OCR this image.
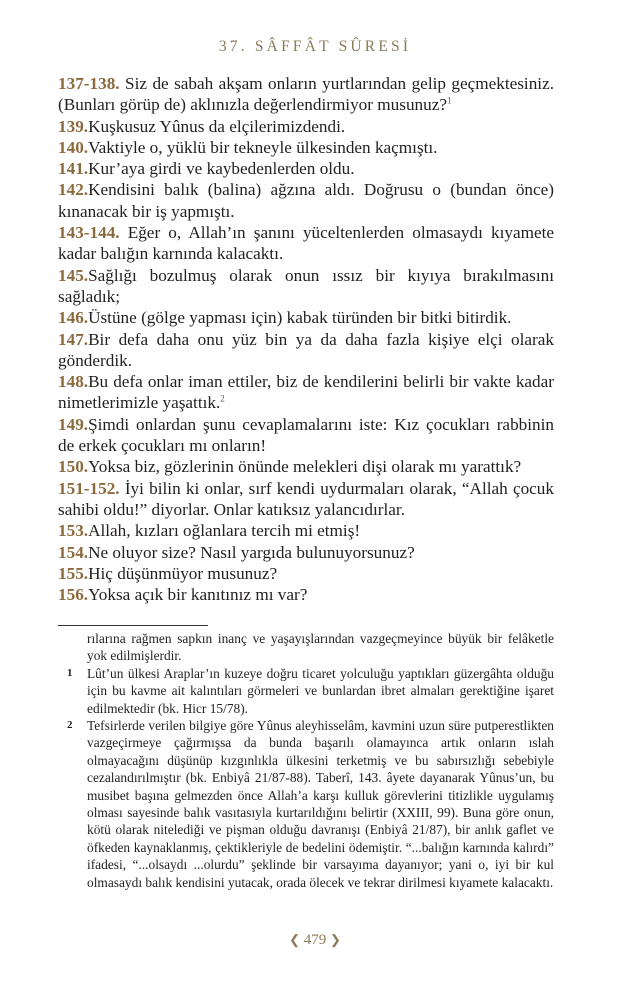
37. SÂFFÂT SÛRESİ

137-138. Siz de sabah akşam onların yurtlarından gelip geçmektesiniz. (Bunları görüp de) aklınızla değerlendirmiyor musunuz?$^1$

139.Kuşkusuz Yûnus da elçilerimizdendi.

140.Vaktiyle o, yüklü bir tekneyle ülkesinden kaçmıştı.

141.Kur’aya girdi ve kaybedenlerden oldu.

142.Kendisini balık (balina) ağzına aldı. Doğrusu o (bundan önce) kınanacak bir iş yapmıştı.

143-144. Eğer o, Allah’ın şanını yüceltenlerden olmasaydı kıyamete kadar balığın karnında kalacaktı.

145.Sağlığı bozulmuş olarak onun ıssız bir kıyıya bırakılmasını sağladık;

146.Üstüne (gölge yapması için) kabak türünden bir bitki bitirdik.

147.Bir defa daha onu yüz bin ya da daha fazla kişiye elçi olarak gönderdik.

148.Bu defa onlar iman ettiler, biz de kendilerini belirli bir vakte kadar nimetlerimizle yaşattık.$^2$

149.Şimdi onlardan şunu cevaplamalarını iste: Kız çocukları rabbinin de erkek çocukları mı onların!

150.Yoksa biz, gözlerinin önünde melekleri dişi olarak mı yarattık?

151-152. İyi bilin ki onlar, sırf kendi uydurmaları olarak, “Allah çocuk sahibi oldu!” diyorlar. Onlar katıksız yalancıdırlar.

153.Allah, kızları oğlanlara tercih mi etmiş!

154.Ne oluyor size? Nasıl yargıda bulunuyorsunuz?

155.Hiç düşünmüyor musunuz?

156.Yoksa açık bir kanıtınız mı var?

rılarına rağmen sapkın inanç ve yaşayışlarından vazgeçmeyince büyük bir felâketle yok edilmişlerdir.

1 Lût’un ülkesi Araplar’ın kuzeye doğru ticaret yolculuğu yaptıkları güzergâhta olduğu için bu kavme ait kalıntıları görmeleri ve bunlardan ibret almaları gerektiğine işaret edilmektedir (bk. Hicr 15/78).

2 Tefsirlerde verilen bilgiye göre Yûnus aleyhisselâm, kavmini uzun süre putperestlikten vazgeçirmeye çağırmışsa da bunda başarılı olamayınca artık onların ıslah olmayacağını düşünüp kızgınlıkla ülkesini terketmiş ve bu sabırsızlığı sebebiyle cezalandırılmıştır (bk. Enbiyâ 21/87-88). Taberî, 143. âyete dayanarak Yûnus’un, bu musibet başına gelmezden önce Allah’a karşı kulluk görevlerini titizlikle uygulamış olması sayesinde balık vasıtasıyla kurtarıldığını belirtir (XXIII, 99). Buna göre onun, kötü olarak nitelediği ve pişman olduğu davranışı (Enbiyâ 21/87), bir anlık gaflet ve öfkeden kaynaklanmış, çektikleriyle de bedelini ödemiştir. “...balığın karnında kalırdı” ifadesi, “...olsaydı ...olurdu” şeklinde bir varsayıma dayanıyor; yani o, iyi bir kul olmasaydı balık kendisini yutacak, orada ölecek ve tekrar dirilmesi kıyamete kalacaktı.

❮ 479 ❯
